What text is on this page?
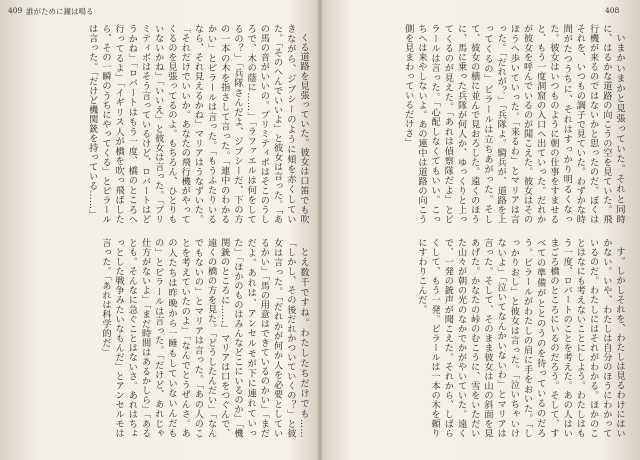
409 誰がために鐘は鳴る	408

くる道路を見張っていた。彼女は口笛でも吹きながら、ジプシーのように頬を赤くしていた。「そのへんでいいよ」と彼女は言った。「あの馬の音がいいの。プリミティボはそこのうしろで、木の蔭に……」「ラファエルは何をしてるの？」「兵隊さんだよ、ジプシーだ、下の方の一本の木を指さして言った。「連中のわかるかい」とピラールは言った。「もうふたりいるなら、それ見えるかね」マリアはうなずいた。「それだけでいいか。あなたの飛行機がやってくるのを見張ってるのよ。もちろん、ひとりもいないかね」「いいえ」と彼女は言った。「プリミティボはそう言っているけど、ロバートはどうかね」「ロバートはもう一度、橋のところへ行ってるよ」「イギリス人が橋を吹っ飛ばしたら、その一瞬のうちにやってくる」とピラールは言った。「だけど機関銃を持っている……」

とえ数千ですね。わたしたちだけでも……「しかし、その後だれかついていくの？」と彼女は言った。「だれかが何か人を必要としているかい」「馬の用意はできているのかい」「まだだよ。あれは、アンセルモが下に連れていった」「ほかのものはみんなどこにいるのか」「機関銃のところに……」マリアは口をつぐんで、遠くの橋の方を見た。「どうしたんだい」「なんでもないの」とマリアは言った。「あの人のことを考えていたのよ」「なんでとうぜんさ。あの人たちは昨晩から一睡もしていないんだもの」とピラールは言った。「だけど、あれじゃ仕方がないよ」「まだ時間はあるかしら」「あるとも。そんなに急ぐことはないさ。あれはちょっとした戦争みたいなもんだ」とアンセルモは言った。「あれは科学的だ」

いまかいまかと見張っていた。それと同時に、はるかな道路の向こうの空を見ていた。飛行機が来るのではないかと思ったのだ。ぼくはそれを、いつもの調子で見ていた。わずかな時間がたつうちに、それはすっかり明るくなった。彼女はいつものように朝の仕事をすませると、もう一度洞窟の入口へ出ていった。だれかが彼女を呼んでいるのが聞こえた。彼女はそのほうへ歩いていった。「来るわ」とマリアは言った。「だれが？」「兵隊よ。騎兵が、道路を上ってくるの」ピラールは立ちあがった。そして、彼女の横に並んで見おろした。遠くのほうに、馬に乗った兵隊が何人か、ゆっくりと上ってくるのが見えた。「あれは偵察隊だよ」とピラールは言った。「心配しなくてもいい。こっちへは来やしないよ。あの連中は道路の向こう側を見まわっているだけさ」

す。しかしそれを、わたしは見るわけにはいかない。いや、わたしは自分のほうにわかっているのだ。わたしにはそれがわかる。ほかのことはなにも考えないことにしよう。わたしはもう一度、ロバートのことを考えた。あの人はいまごろ橋のところにいるのだろう。そして、すべての準備がととのうのを待っているのだろう。ピラールがわたしの肩に手をおいた。「しっかりおし」と彼女は言った。「泣いちゃいけないよ」「泣いてなんかいないわ」とマリアは言った。そして、そのまま彼女は山の斜面を見あげた。かなたの峠のむこうに、雪をいただいた山々が朝の光のなかでかがやいていた。遠くで、一発の銃声が聞こえた。それから、しばらくして、もう一発。ピラールは一本の木を頼りにすわりこんだ。
